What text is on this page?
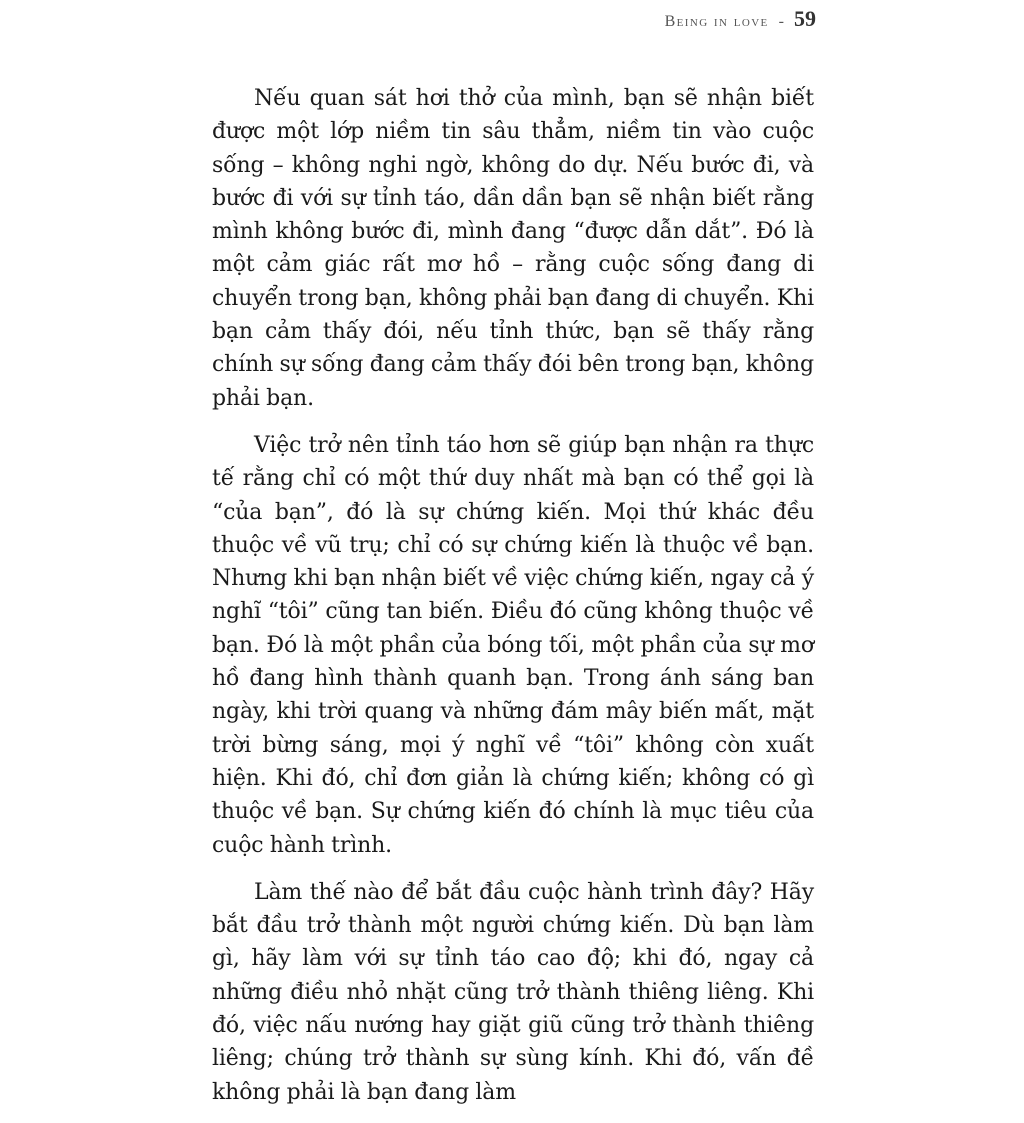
Being in love - 59

Nếu quan sát hơi thở của mình, bạn sẽ nhận biết được một lớp niềm tin sâu thẳm, niềm tin vào cuộc sống – không nghi ngờ, không do dự. Nếu bước đi, và bước đi với sự tỉnh táo, dần dần bạn sẽ nhận biết rằng mình không bước đi, mình đang “được dẫn dắt”. Đó là một cảm giác rất mơ hồ – rằng cuộc sống đang di chuyển trong bạn, không phải bạn đang di chuyển. Khi bạn cảm thấy đói, nếu tỉnh thức, bạn sẽ thấy rằng chính sự sống đang cảm thấy đói bên trong bạn, không phải bạn.

Việc trở nên tỉnh táo hơn sẽ giúp bạn nhận ra thực tế rằng chỉ có một thứ duy nhất mà bạn có thể gọi là “của bạn”, đó là sự chứng kiến. Mọi thứ khác đều thuộc về vũ trụ; chỉ có sự chứng kiến là thuộc về bạn. Nhưng khi bạn nhận biết về việc chứng kiến, ngay cả ý nghĩ “tôi” cũng tan biến. Điều đó cũng không thuộc về bạn. Đó là một phần của bóng tối, một phần của sự mơ hồ đang hình thành quanh bạn. Trong ánh sáng ban ngày, khi trời quang và những đám mây biến mất, mặt trời bừng sáng, mọi ý nghĩ về “tôi” không còn xuất hiện. Khi đó, chỉ đơn giản là chứng kiến; không có gì thuộc về bạn. Sự chứng kiến đó chính là mục tiêu của cuộc hành trình.

Làm thế nào để bắt đầu cuộc hành trình đây? Hãy bắt đầu trở thành một người chứng kiến. Dù bạn làm gì, hãy làm với sự tỉnh táo cao độ; khi đó, ngay cả những điều nhỏ nhặt cũng trở thành thiêng liêng. Khi đó, việc nấu nướng hay giặt giũ cũng trở thành thiêng liêng; chúng trở thành sự sùng kính. Khi đó, vấn đề không phải là bạn đang làm
